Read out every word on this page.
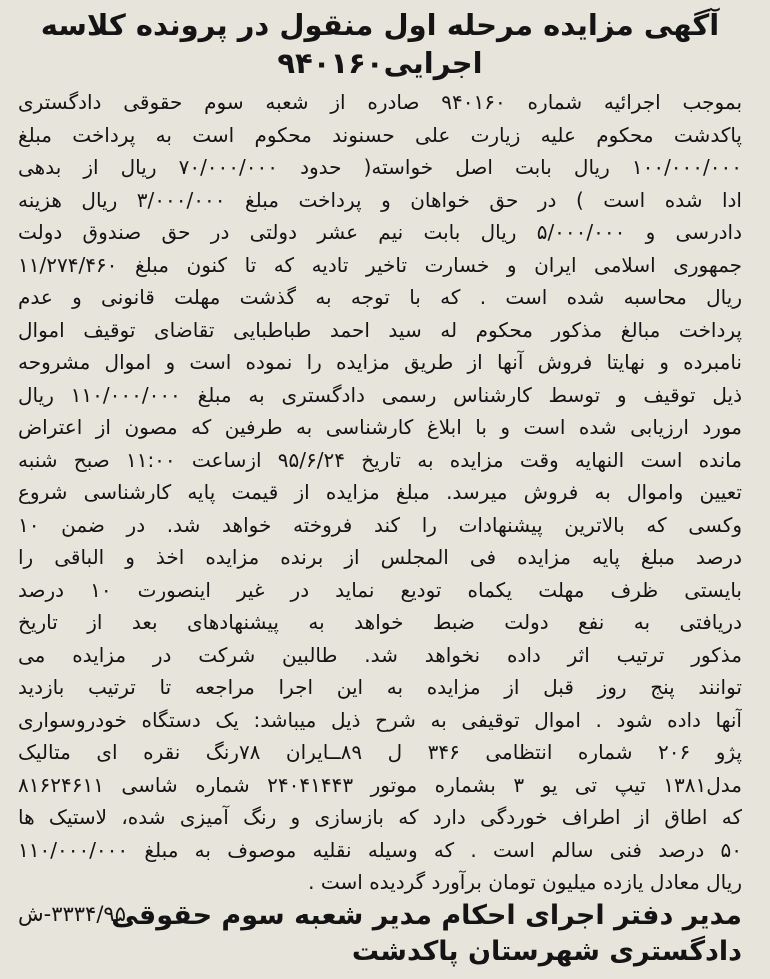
آگهی مزایده مرحله اول منقول در پرونده کلاسه
اجرایی۹۴۰۱۶۰
بموجب اجرائیه شماره ۹۴۰۱۶۰ صادره از شعبه سوم حقوقی دادگستری
پاکدشت محکوم علیه زیارت علی حسنوند محکوم است به پرداخت مبلغ
۱۰۰/۰۰۰/۰۰۰ ریال بابت اصل خواسته( حدود ۷۰/۰۰۰/۰۰۰ ریال از بدهی
ادا شده است ) در حق خواهان و پرداخت مبلغ ۳/۰۰۰/۰۰۰ ریال هزینه
دادرسی و ۵/۰۰۰/۰۰۰ ریال بابت نیم عشر دولتی در حق صندوق دولت
جمهوری اسلامی ایران و خسارت تاخیر تادیه که تا کنون مبلغ ۱۱/۲۷۴/۴۶۰
ریال محاسبه شده است . که با توجه به گذشت مهلت قانونی و عدم
پرداخت مبالغ مذکور محکوم له سید احمد طباطبایی تقاضای توقیف اموال
نامبرده و نهایتا فروش آنها از طریق مزایده را نموده است و اموال مشروحه
ذیل توقیف و توسط کارشناس رسمی دادگستری به مبلغ ۱۱۰/۰۰۰/۰۰۰ ریال
مورد ارزیابی شده است و با ابلاغ کارشناسی به طرفین که مصون از اعتراض
مانده است النهایه وقت مزایده به تاریخ ۹۵/۶/۲۴ ازساعت ۱۱:۰۰ صبح شنبه
تعیین واموال به فروش میرسد. مبلغ مزایده از قیمت پایه کارشناسی شروع
وکسی که بالاترین پیشنهادات را کند فروخته خواهد شد. در ضمن ۱۰
درصد مبلغ پایه مزایده فی المجلس از برنده مزایده اخذ و الباقی را
بایستی ظرف مهلت یکماه تودیع نماید در غیر اینصورت ۱۰ درصد
دریافتی به نفع دولت ضبط خواهد به پیشنهادهای بعد از تاریخ
مذکور ترتیب اثر داده نخواهد شد. طالبین شرکت در مزایده می
توانند پنج روز قبل از مزایده به این اجرا مراجعه تا ترتیب بازدید
آنها داده شود . اموال توقیفی به شرح ذیل میباشد: یک دستگاه خودروسواری
پژو ۲۰۶ شماره انتظامی ۳۴۶ ل ۸۹ــایران ۷۸رنگ نقره ای متالیک
مدل۱۳۸۱ تیپ تی یو ۳ بشماره موتور ۲۴۰۴۱۴۴۳ شماره شاسی ۸۱۶۲۴۶۱۱
که اطاق از اطراف خوردگی دارد که بازسازی و رنگ آمیزی شده، لاستیک ها
۵۰ درصد فنی سالم است . که وسیله نقلیه موصوف به مبلغ ۱۱۰/۰۰۰/۰۰۰
ریال معادل یازده میلیون تومان برآورد گردیده است .
مدیر دفتر اجرای احکام مدیر شعبه سوم حقوقی
دادگستری شهرستان پاکدشت
۳۳۳۴/۹۵-ش
